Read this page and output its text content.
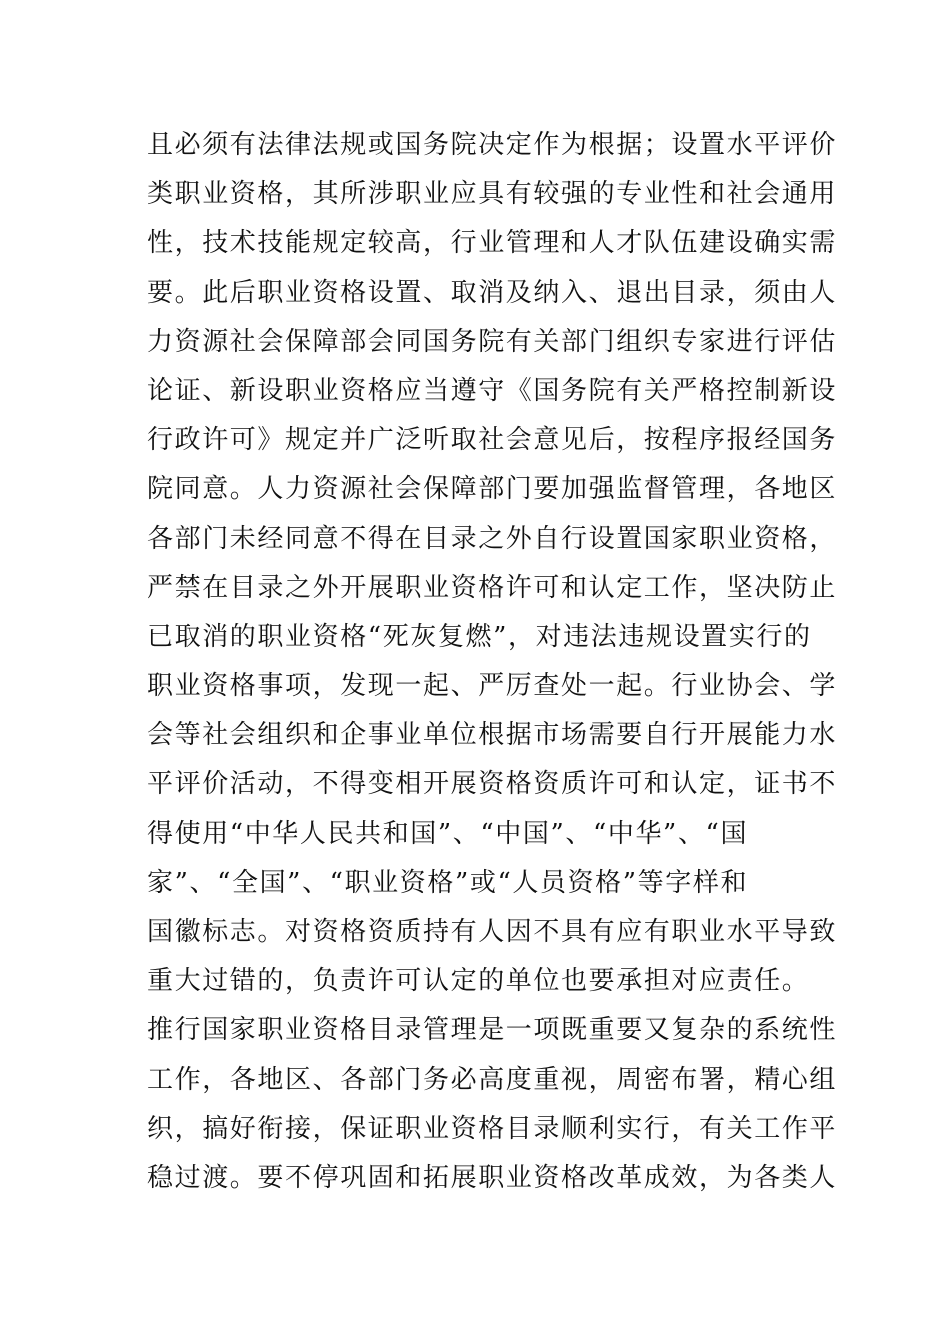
且必须有法律法规或国务院决定作为根据；设置水平评价
类职业资格，其所涉职业应具有较强的专业性和社会通用
性，技术技能规定较高，行业管理和人才队伍建设确实需
要。此后职业资格设置、取消及纳入、退出目录，须由人
力资源社会保障部会同国务院有关部门组织专家进行评估
论证、新设职业资格应当遵守《国务院有关严格控制新设
行政许可》规定并广泛听取社会意见后，按程序报经国务
院同意。人力资源社会保障部门要加强监督管理，各地区
各部门未经同意不得在目录之外自行设置国家职业资格，
严禁在目录之外开展职业资格许可和认定工作，坚决防止
已取消的职业资格“死灰复燃”，对违法违规设置实行的
职业资格事项，发现一起、严厉查处一起。行业协会、学
会等社会组织和企事业单位根据市场需要自行开展能力水
平评价活动，不得变相开展资格资质许可和认定，证书不
得使用“中华人民共和国”、“中国”、“中华”、“国
家”、“全国”、“职业资格”或“人员资格”等字样和
国徽标志。对资格资质持有人因不具有应有职业水平导致
重大过错的，负责许可认定的单位也要承担对应责任。
推行国家职业资格目录管理是一项既重要又复杂的系统性
工作，各地区、各部门务必高度重视，周密布署，精心组
织，搞好衔接，保证职业资格目录顺利实行，有关工作平
稳过渡。要不停巩固和拓展职业资格改革成效，为各类人
